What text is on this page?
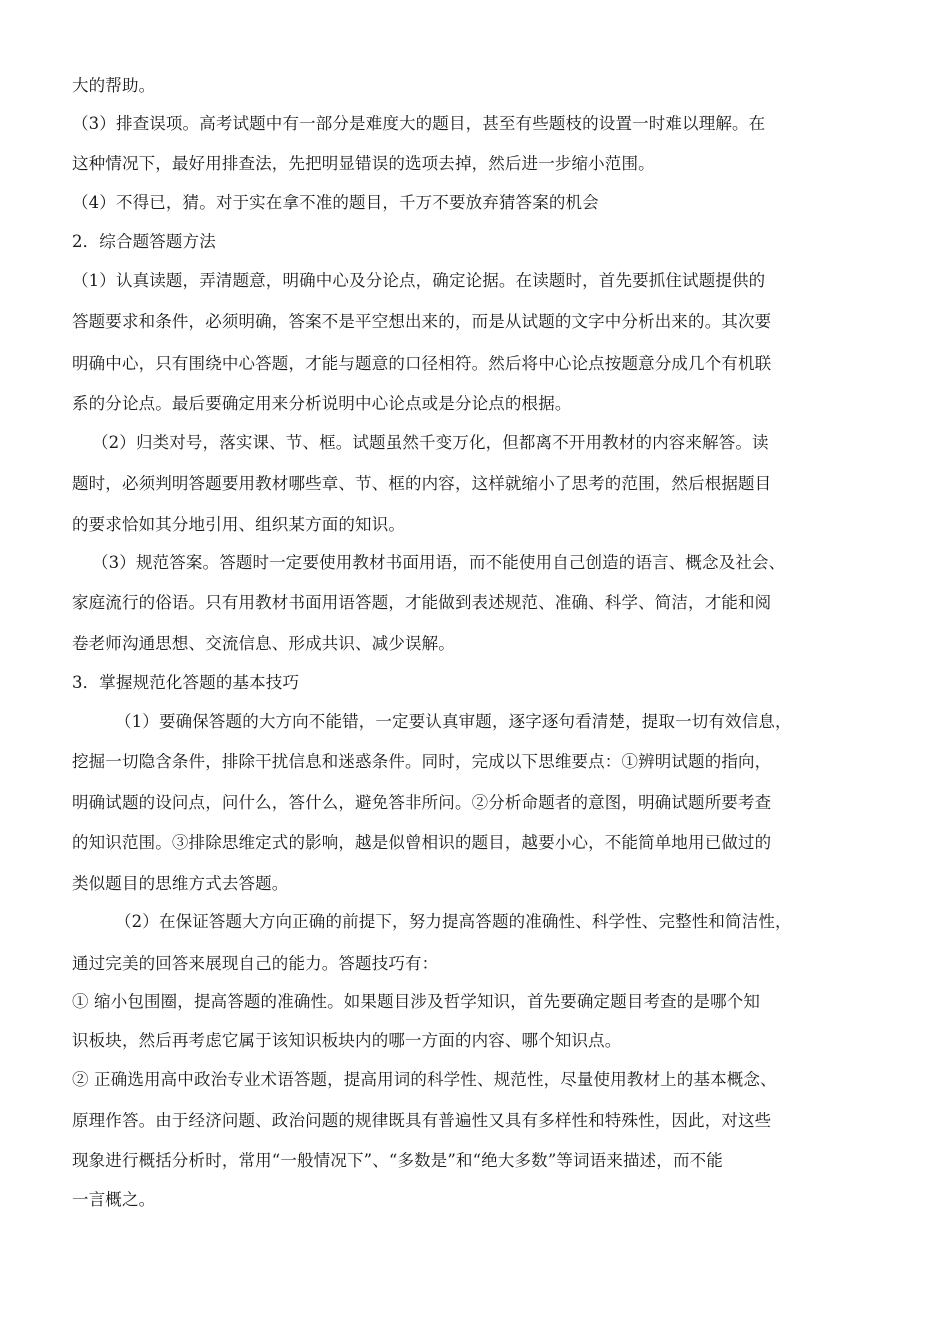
大的帮助。
（3）排查误项。高考试题中有一部分是难度大的题目，甚至有些题枝的设置一时难以理解。在
这种情况下，最好用排查法，先把明显错误的选项去掉，然后进一步缩小范围。
（4）不得已，猜。对于实在拿不准的题目，千万不要放弃猜答案的机会
2．综合题答题方法
（1）认真读题，弄清题意，明确中心及分论点，确定论据。在读题时，首先要抓住试题提供的
答题要求和条件，必须明确，答案不是平空想出来的，而是从试题的文字中分析出来的。其次要
明确中心，只有围绕中心答题，才能与题意的口径相符。然后将中心论点按题意分成几个有机联
系的分论点。最后要确定用来分析说明中心论点或是分论点的根据。
（2）归类对号，落实课、节、框。试题虽然千变万化，但都离不开用教材的内容来解答。读
题时，必须判明答题要用教材哪些章、节、框的内容，这样就缩小了思考的范围，然后根据题目
的要求恰如其分地引用、组织某方面的知识。
（3）规范答案。答题时一定要使用教材书面用语，而不能使用自己创造的语言、概念及社会、
家庭流行的俗语。只有用教材书面用语答题，才能做到表述规范、准确、科学、简洁，才能和阅
卷老师沟通思想、交流信息、形成共识、减少误解。
3．掌握规范化答题的基本技巧
（1）要确保答题的大方向不能错，一定要认真审题，逐字逐句看清楚，提取一切有效信息，
挖掘一切隐含条件，排除干扰信息和迷惑条件。同时，完成以下思维要点：①辨明试题的指向，
明确试题的设问点，问什么，答什么，避免答非所问。②分析命题者的意图，明确试题所要考查
的知识范围。③排除思维定式的影响，越是似曾相识的题目，越要小心，不能简单地用已做过的
类似题目的思维方式去答题。
（2）在保证答题大方向正确的前提下，努力提高答题的准确性、科学性、完整性和简洁性，
通过完美的回答来展现自己的能力。答题技巧有：
① 缩小包围圈，提高答题的准确性。如果题目涉及哲学知识，首先要确定题目考查的是哪个知
识板块，然后再考虑它属于该知识板块内的哪一方面的内容、哪个知识点。
② 正确选用高中政治专业术语答题，提高用词的科学性、规范性，尽量使用教材上的基本概念、
原理作答。由于经济问题、政治问题的规律既具有普遍性又具有多样性和特殊性，因此，对这些
现象进行概括分析时，常用“一般情况下”、“多数是”和“绝大多数”等词语来描述，而不能
一言概之。
